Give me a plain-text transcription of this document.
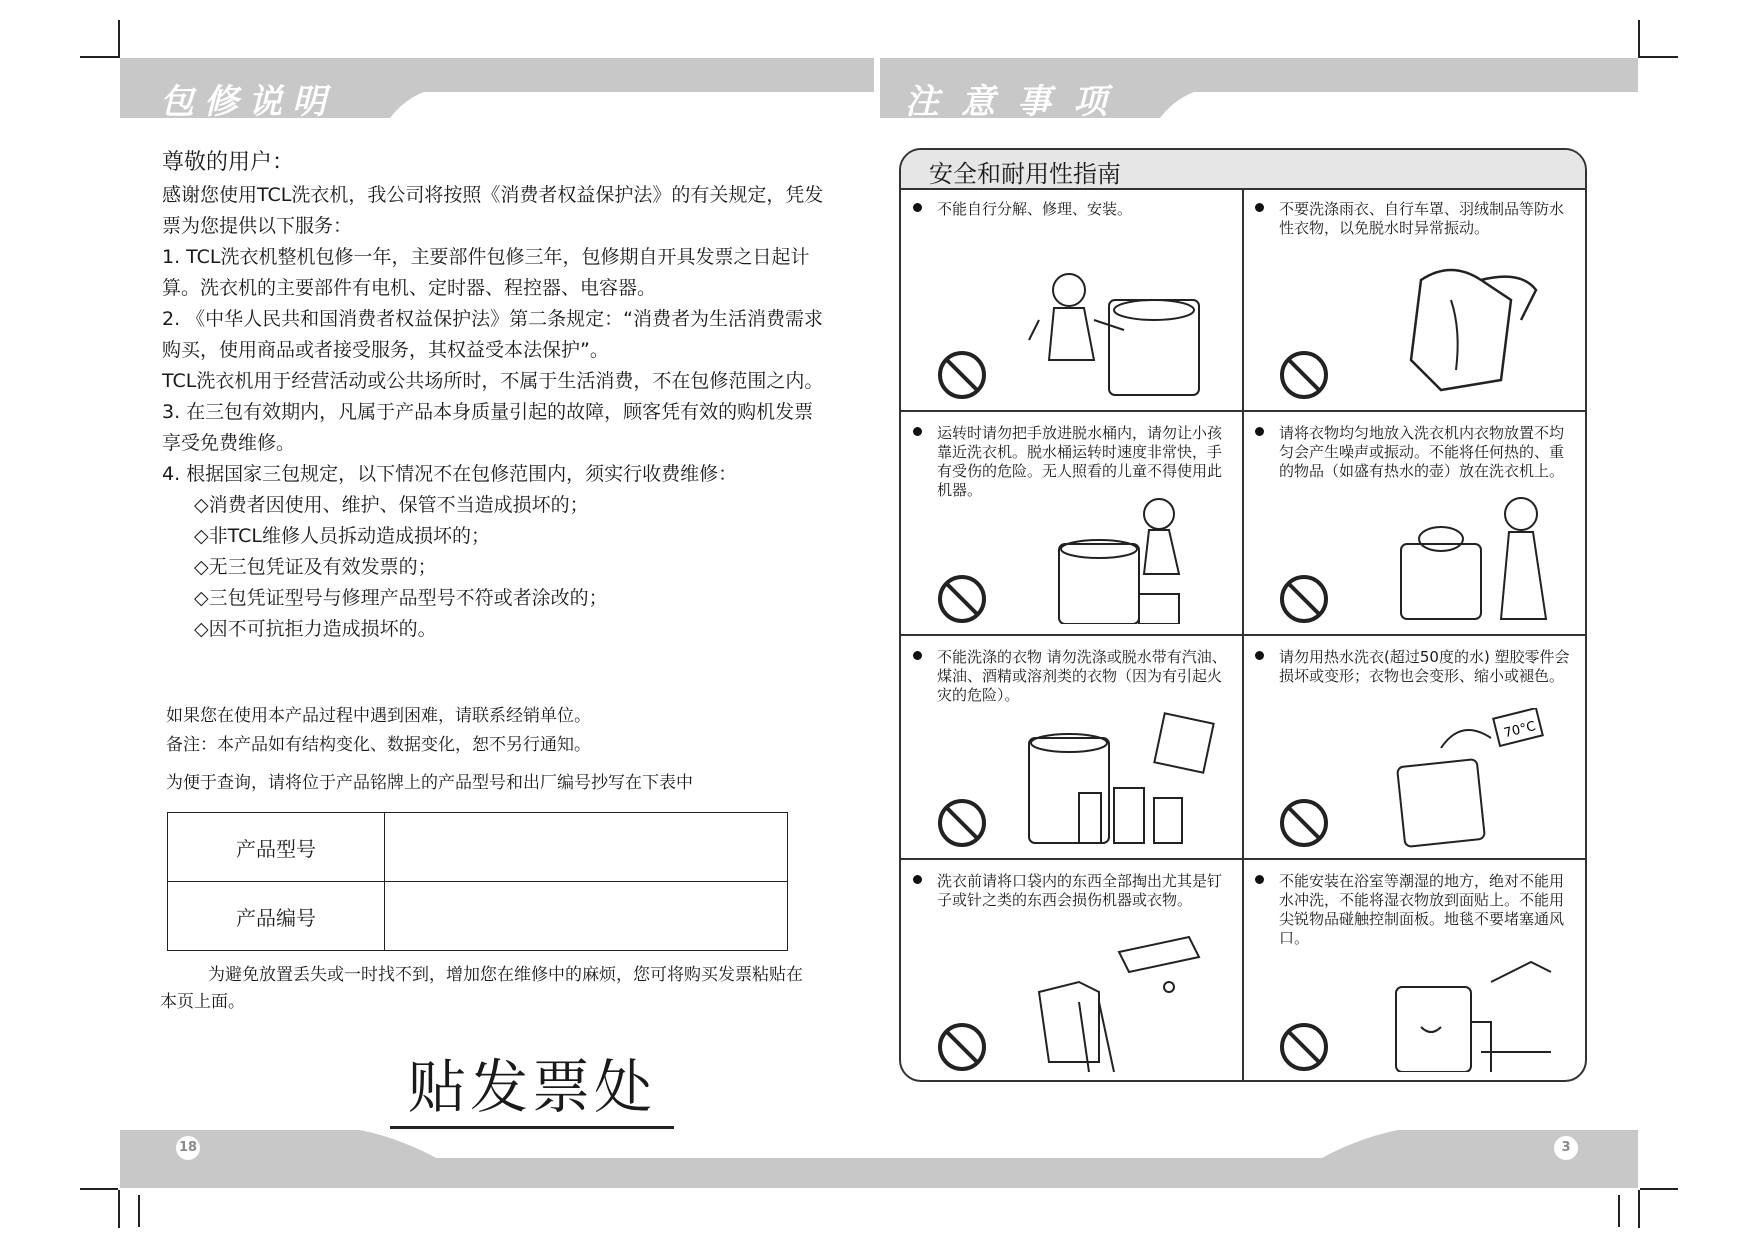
包修说明	注意事项

尊敬的用户：

感谢您使用TCL洗衣机，我公司将按照《消费者权益保护法》的有关规定，凭发票为您提供以下服务：

1. TCL洗衣机整机包修一年，主要部件包修三年，包修期自开具发票之日起计算。洗衣机的主要部件有电机、定时器、程控器、电容器。

2. 《中华人民共和国消费者权益保护法》第二条规定：“消费者为生活消费需求购买，使用商品或者接受服务，其权益受本法保护”。

TCL洗衣机用于经营活动或公共场所时，不属于生活消费，不在包修范围之内。

3. 在三包有效期内，凡属于产品本身质量引起的故障，顾客凭有效的购机发票享受免费维修。

4. 根据国家三包规定，以下情况不在包修范围内，须实行收费维修：

◇消费者因使用、维护、保管不当造成损坏的；

◇非TCL维修人员拆动造成损坏的；

◇无三包凭证及有效发票的；

◇三包凭证型号与修理产品型号不符或者涂改的；

◇因不可抗拒力造成损坏的。

如果您在使用本产品过程中遇到困难，请联系经销单位。

备注：本产品如有结构变化、数据变化，恕不另行通知。

为便于查询，请将位于产品铭牌上的产品型号和出厂编号抄写在下表中

产品型号	
产品编号	

为避免放置丢失或一时找不到，增加您在维修中的麻烦，您可将购买发票粘贴在本页上面。

贴发票处
安全和耐用性指南
不能自行分解、修理、安装。	不要洗涤雨衣、自行车罩、羽绒制品等防水性衣物，以免脱水时异常振动。
运转时请勿把手放进脱水桶内，请勿让小孩靠近洗衣机。脱水桶运转时速度非常快，手有受伤的危险。无人照看的儿童不得使用此机器。
请将衣物均匀地放入洗衣机内衣物放置不均匀会产生噪声或振动。不能将任何热的、重的物品（如盛有热水的壶）放在洗衣机上。
不能洗涤的衣物 请勿洗涤或脱水带有汽油、煤油、酒精或溶剂类的衣物（因为有引起火灾的危险）。
请勿用热水洗衣(超过50度的水) 塑胶零件会损坏或变形；衣物也会变形、缩小或褪色。
70°C
洗衣前请将口袋内的东西全部掏出尤其是钉子或针之类的东西会损伤机器或衣物。
不能安装在浴室等潮湿的地方，绝对不能用水冲洗，不能将湿衣物放到面贴上。不能用尖锐物品碰触控制面板。地毯不要堵塞通风口。
18	3
